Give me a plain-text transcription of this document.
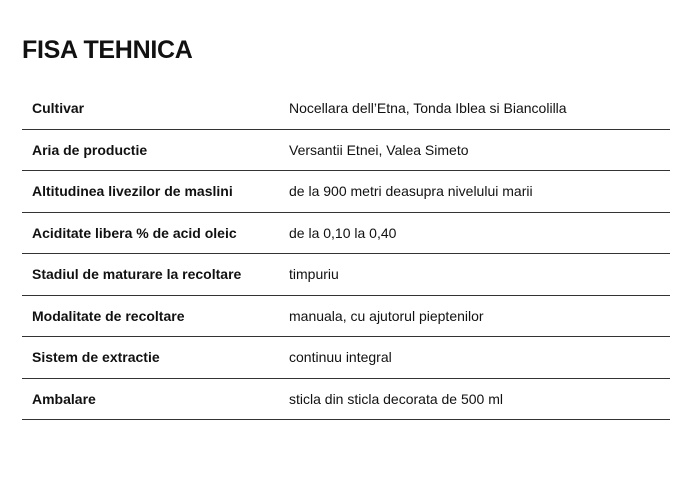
FISA TEHNICA
Cultivar	Nocellara dell’Etna, Tonda Iblea si Biancolilla
Aria de productie	Versantii Etnei, Valea Simeto
Altitudinea livezilor de maslini	de la 900 metri deasupra nivelului marii
Aciditate libera % de acid oleic	de la 0,10 la 0,40
Stadiul de maturare la recoltare	timpuriu
Modalitate de recoltare	manuala, cu ajutorul pieptenilor
Sistem de extractie	continuu integral
Ambalare	sticla din sticla decorata de 500 ml
